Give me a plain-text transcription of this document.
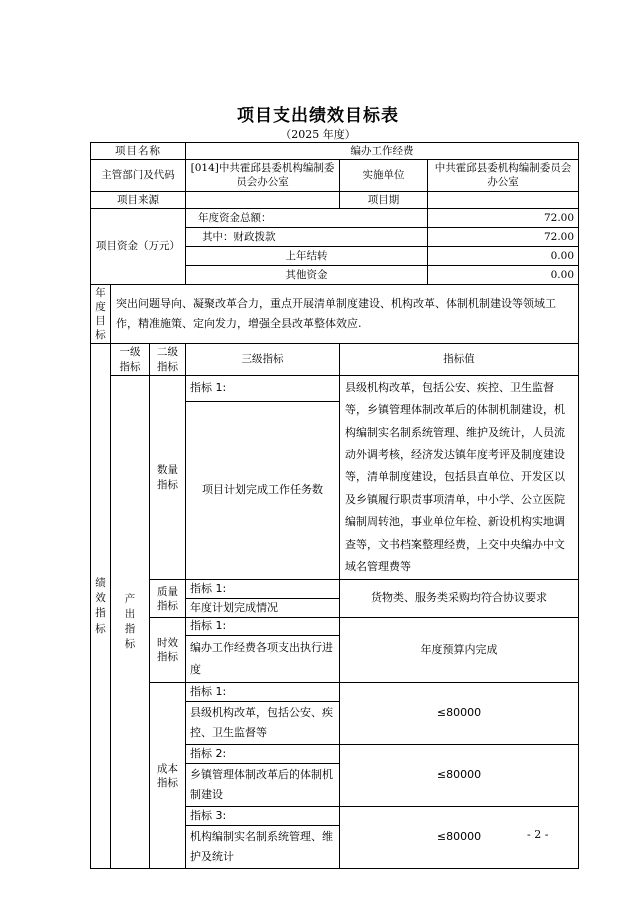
项目支出绩效目标表
（2025 年度）
项目名称			编办工作经费		
主管部门及代码			[014]中共霍邱县委机构编制委员会办公室	实施单位	中共霍邱县委机构编制委员会办公室
项目来源				项目期	
项目资金（万元）			年度资金总额：		72.00
			其中：财政拨款		72.00
			上年结转		0.00
			其他资金		0.00
年度目标	突出问题导向、凝聚改革合力，重点开展清单制度建设、机构改革、体制机制建设等领域工作，精准施策、定向发力，增强全县改革整体效应.				
绩效指标	一级指标	二级指标	三级指标	指标值	
	产出指标	数量指标	指标 1:	县级机构改革，包括公安、疾控、卫生监督等，乡镇管理体制改革后的体制机制建设，机构编制实名制系统管理、维护及统计，人员流动外调考核，经济发达镇年度考评及制度建设等，清单制度建设，包括县直单位、开发区以及乡镇履行职责事项清单，中小学、公立医院编制周转池，事业单位年检、新设机构实地调查等，文书档案整理经费，上交中央编办中文域名管理费等	
			项目计划完成工作任务数		
		质量指标	指标 1:	货物类、服务类采购均符合协议要求	
			年度计划完成情况		
		时效指标	指标 1:	年度预算内完成	
			编办工作经费各项支出执行进度		
		成本指标	指标 1:	≤80000	
			县级机构改革，包括公安、疾控、卫生监督等		
			指标 2:	≤80000	
			乡镇管理体制改革后的体制机制建设		
			指标 3:	≤80000	
			机构编制实名制系统管理、维护及统计		
- 2 -
